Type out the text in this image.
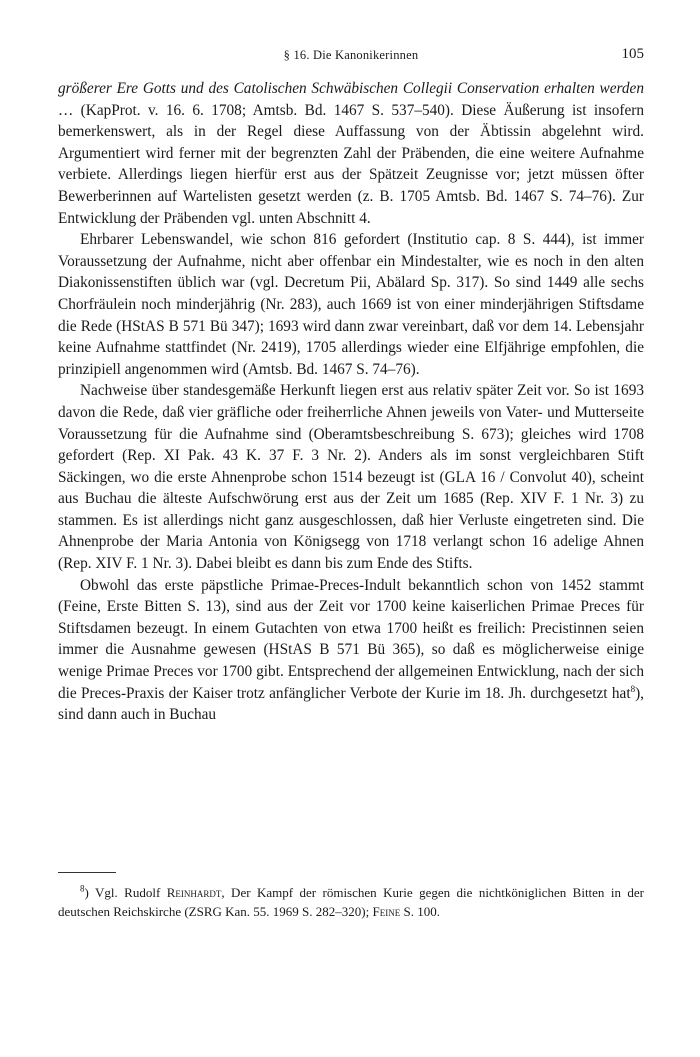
§ 16. Die Kanonikerinnen	105

größerer Ere Gotts und des Catolischen Schwäbischen Collegii Conservation erhalten werden … (KapProt. v. 16. 6. 1708; Amtsb. Bd. 1467 S. 537–540). Diese Äußerung ist insofern bemerkenswert, als in der Regel diese Auffassung von der Äbtissin abgelehnt wird. Argumentiert wird ferner mit der begrenzten Zahl der Präbenden, die eine weitere Aufnahme verbiete. Allerdings liegen hierfür erst aus der Spätzeit Zeugnisse vor; jetzt müssen öfter Bewerberinnen auf Wartelisten gesetzt werden (z. B. 1705 Amtsb. Bd. 1467 S. 74–76). Zur Entwicklung der Präbenden vgl. unten Abschnitt 4.

Ehrbarer Lebenswandel, wie schon 816 gefordert (Institutio cap. 8 S. 444), ist immer Voraussetzung der Aufnahme, nicht aber offenbar ein Mindestalter, wie es noch in den alten Diakonissenstiften üblich war (vgl. Decretum Pii, Abälard Sp. 317). So sind 1449 alle sechs Chorfräulein noch minderjährig (Nr. 283), auch 1669 ist von einer minderjährigen Stiftsdame die Rede (HStAS B 571 Bü 347); 1693 wird dann zwar vereinbart, daß vor dem 14. Lebensjahr keine Aufnahme stattfindet (Nr. 2419), 1705 allerdings wieder eine Elfjährige empfohlen, die prinzipiell angenommen wird (Amtsb. Bd. 1467 S. 74–76).

Nachweise über standesgemäße Herkunft liegen erst aus relativ später Zeit vor. So ist 1693 davon die Rede, daß vier gräfliche oder freiherrliche Ahnen jeweils von Vater- und Mutterseite Voraussetzung für die Aufnahme sind (Oberamtsbeschreibung S. 673); gleiches wird 1708 gefordert (Rep. XI Pak. 43 K. 37 F. 3 Nr. 2). Anders als im sonst vergleichbaren Stift Säckingen, wo die erste Ahnenprobe schon 1514 bezeugt ist (GLA 16 / Convolut 40), scheint aus Buchau die älteste Aufschwörung erst aus der Zeit um 1685 (Rep. XIV F. 1 Nr. 3) zu stammen. Es ist allerdings nicht ganz ausgeschlossen, daß hier Verluste eingetreten sind. Die Ahnenprobe der Maria Antonia von Königsegg von 1718 verlangt schon 16 adelige Ahnen (Rep. XIV F. 1 Nr. 3). Dabei bleibt es dann bis zum Ende des Stifts.

Obwohl das erste päpstliche Primae-Preces-Indult bekanntlich schon von 1452 stammt (Feine, Erste Bitten S. 13), sind aus der Zeit vor 1700 keine kaiserlichen Primae Preces für Stiftsdamen bezeugt. In einem Gutachten von etwa 1700 heißt es freilich: Precistinnen seien immer die Ausnahme gewesen (HStAS B 571 Bü 365), so daß es möglicherweise einige wenige Primae Preces vor 1700 gibt. Entsprechend der allgemeinen Entwicklung, nach der sich die Preces-Praxis der Kaiser trotz anfänglicher Verbote der Kurie im 18. Jh. durchgesetzt hat$^8$), sind dann auch in Buchau

$^8$) Vgl. Rudolf Reinhardt, Der Kampf der römischen Kurie gegen die nichtköniglichen Bitten in der deutschen Reichskirche (ZSRG Kan. 55. 1969 S. 282–320); Feine S. 100.
